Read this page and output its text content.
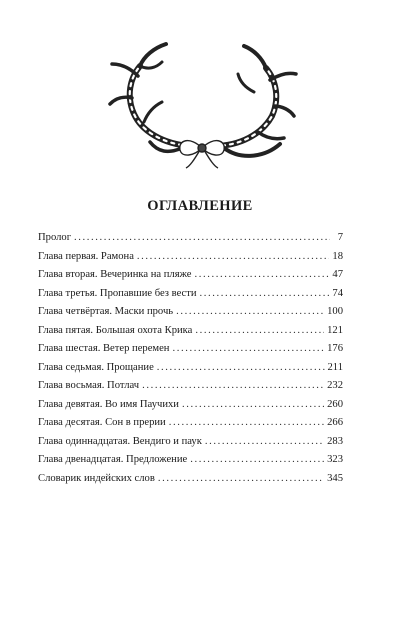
ОГЛАВЛЕНИЕ
Пролог .....	7
Глава первая. Рамона .....	18
Глава вторая. Вечеринка на пляже .....	47
Глава третья. Пропавшие без вести .....	74
Глава четвёртая. Маски прочь .....	100
Глава пятая. Большая охота Крика .....	121
Глава шестая. Ветер перемен .....	176
Глава седьмая. Прощание .....	211
Глава восьмая. Потлач .....	232
Глава девятая. Во имя Паучихи .....	260
Глава десятая. Сон в прерии .....	266
Глава одиннадцатая. Вендиго и паук .....	283
Глава двенадцатая. Предложение .....	323
Словарик индейских слов .....	345
